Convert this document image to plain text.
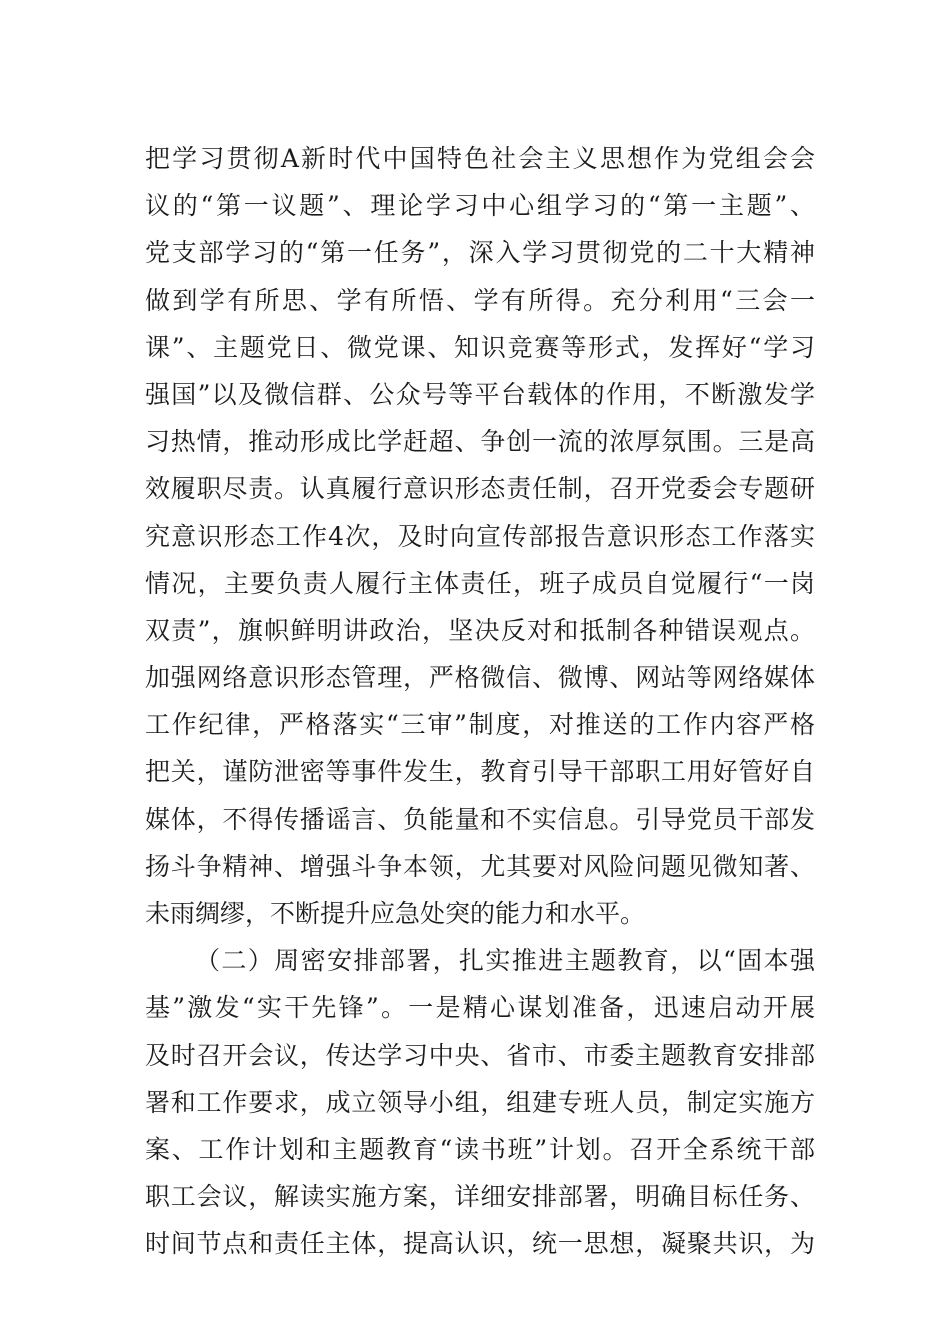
把学习贯彻A新时代中国特色社会主义思想作为党组会会
议的“第一议题”、理论学习中心组学习的“第一主题”、
党支部学习的“第一任务”，深入学习贯彻党的二十大精神
做到学有所思、学有所悟、学有所得。充分利用“三会一
课”、主题党日、微党课、知识竞赛等形式，发挥好“学习
强国”以及微信群、公众号等平台载体的作用，不断激发学
习热情，推动形成比学赶超、争创一流的浓厚氛围。三是高
效履职尽责。认真履行意识形态责任制，召开党委会专题研
究意识形态工作4次，及时向宣传部报告意识形态工作落实
情况，主要负责人履行主体责任，班子成员自觉履行“一岗
双责”，旗帜鲜明讲政治，坚决反对和抵制各种错误观点。
加强网络意识形态管理，严格微信、微博、网站等网络媒体
工作纪律，严格落实“三审”制度，对推送的工作内容严格
把关，谨防泄密等事件发生，教育引导干部职工用好管好自
媒体，不得传播谣言、负能量和不实信息。引导党员干部发
扬斗争精神、增强斗争本领，尤其要对风险问题见微知著、
未雨绸缪，不断提升应急处突的能力和水平。
（二）周密安排部署，扎实推进主题教育，以“固本强
基”激发“实干先锋”。一是精心谋划准备，迅速启动开展
及时召开会议，传达学习中央、省市、市委主题教育安排部
署和工作要求，成立领导小组，组建专班人员，制定实施方
案、工作计划和主题教育“读书班”计划。召开全系统干部
职工会议，解读实施方案，详细安排部署，明确目标任务、
时间节点和责任主体，提高认识，统一思想，凝聚共识，为
